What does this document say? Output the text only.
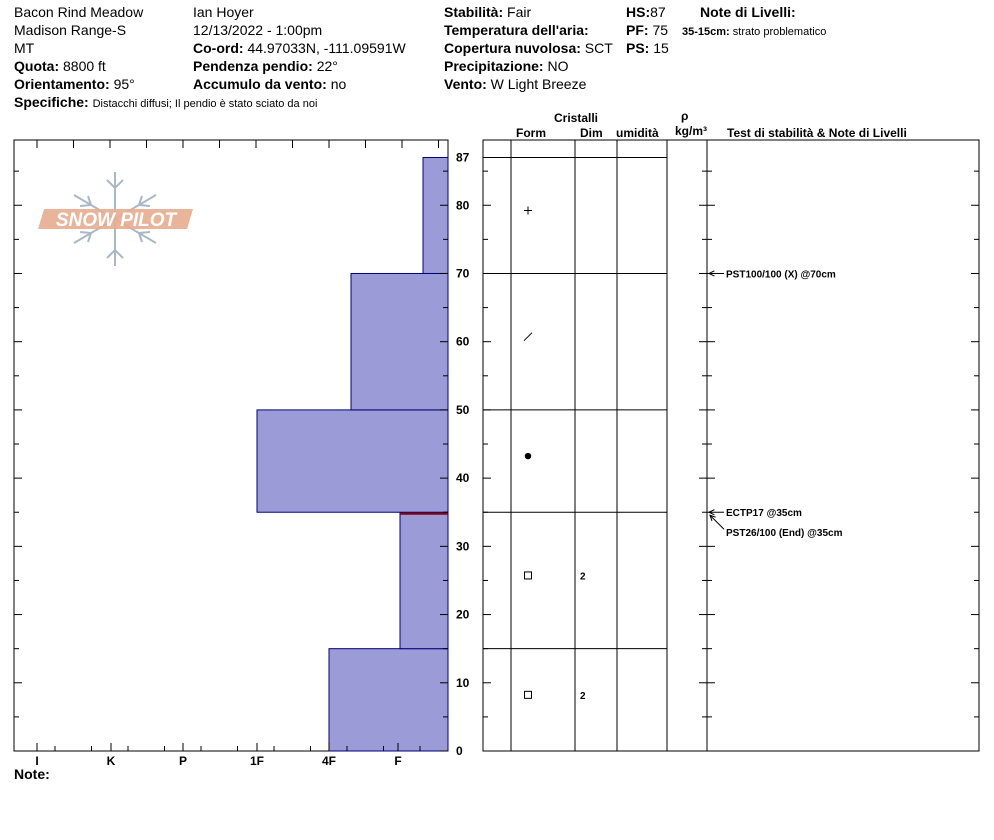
Bacon Rind Meadow
Madison Range-S
MT
Quota: 8800 ft
Orientamento: 95°
Specifiche: Distacchi diffusi; Il pendio è stato sciato da noi
Ian Hoyer
12/13/2022 - 1:00pm
Co-ord: 44.97033N, -111.09591W
Pendenza pendio: 22°
Accumulo da vento: no
Stabilità: Fair
Temperatura dell'aria:
Copertura nuvolosa: SCT
Precipitazione: NO
Vento: W Light Breeze
HS:87
PF: 75
PS: 15
Note di Livelli:
35-15cm: strato problematico
Cristalli
Form	Dim umidità
ρ
kg/m³ Test di stabilità & Note di Livelli
Note:
SNOW PILOT
0
10
20
30
40
50
60
70
80
87
I	K	P	1F	4F	F
2
2
PST100/100 (X) @70cm
ECTP17 @35cm
PST26/100 (End) @35cm
